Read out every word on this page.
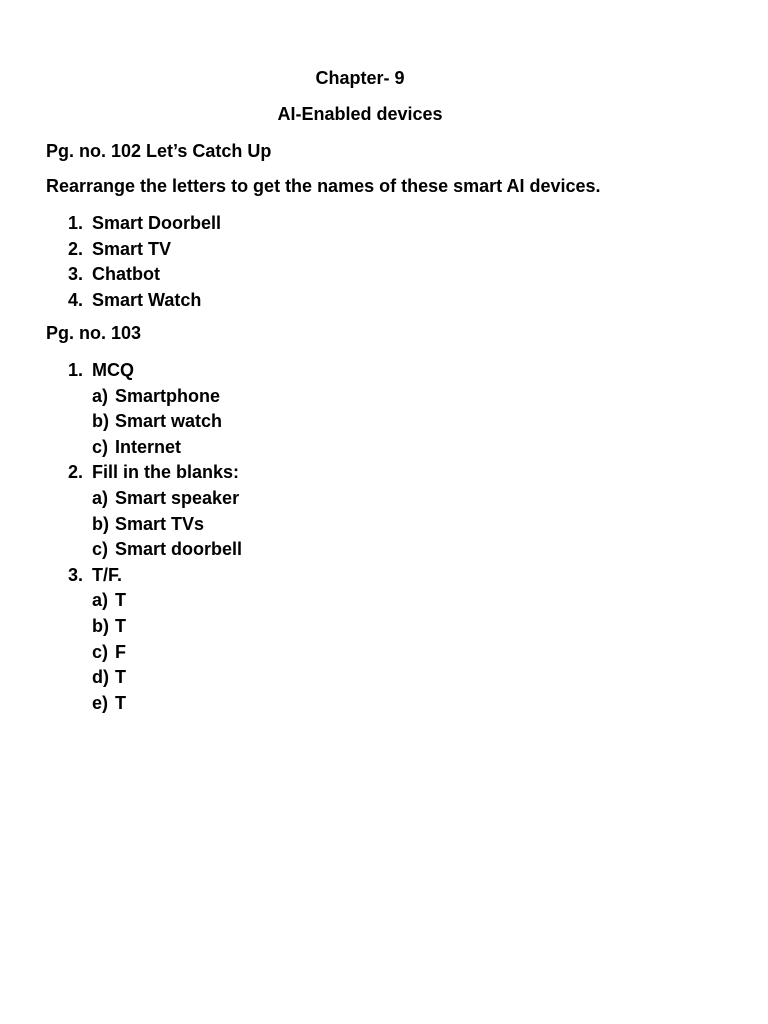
Chapter- 9
AI-Enabled devices
Pg. no. 102 Let’s Catch Up
Rearrange the letters to get the names of these smart AI devices.
1. Smart Doorbell
2. Smart TV
3. Chatbot
4. Smart Watch
Pg. no. 103
1. MCQ
a) Smartphone
b) Smart watch
c) Internet
2. Fill in the blanks:
a) Smart speaker
b) Smart TVs
c) Smart doorbell
3. T/F.
a) T
b) T
c) F
d) T
e) T
